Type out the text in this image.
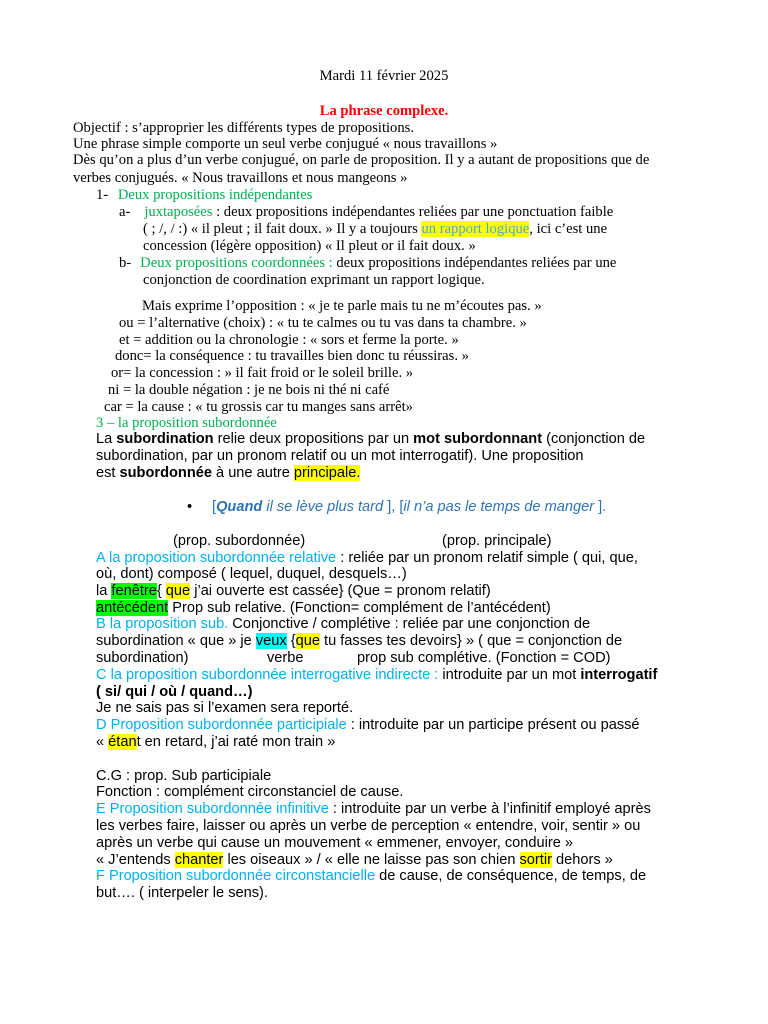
Mardi 11 février 2025
La phrase complexe.
Objectif : s’approprier les différents types de propositions.
Une phrase simple comporte un seul verbe conjugué « nous travaillons »
Dès qu’on a plus d’un verbe conjugué, on parle de proposition. Il y a autant de propositions que de
verbes conjugués. « Nous travaillons et nous mangeons »
1- Deux propositions indépendantes
a- juxtaposées : deux propositions indépendantes reliées par une ponctuation faible
( ; /, / :) « il pleut ; il fait doux. » Il y a toujours un rapport logique, ici c’est une
concession (légère opposition) « Il pleut or il fait doux. »
b- Deux propositions coordonnées : deux propositions indépendantes reliées par une
conjonction de coordination exprimant un rapport logique.
Mais exprime l’opposition : « je te parle mais tu ne m’écoutes pas. »
ou = l’alternative (choix) : « tu te calmes ou tu vas dans ta chambre. »
et = addition ou la chronologie : « sors et ferme la porte. »
donc= la conséquence : tu travailles bien donc tu réussiras. »
or= la concession : » il fait froid or le soleil brille. »
ni = la double négation : je ne bois ni thé ni café
car = la cause : « tu grossis car tu manges sans arrêt»
3 – la proposition subordonnée
La subordination relie deux propositions par un mot subordonnant (conjonction de
subordination, par un pronom relatif ou un mot interrogatif). Une proposition
est subordonnée à une autre principale.
• [Quand il se lève plus tard ], [il n’a pas le temps de manger ].
(prop. subordonnée)	(prop. principale)
A la proposition subordonnée relative : reliée par un pronom relatif simple ( qui, que,
où, dont) composé ( lequel, duquel, desquels…)
la fenêtre{ que j’ai ouverte est cassée} (Que = pronom relatif)
antécédent Prop sub relative. (Fonction= complément de l’antécédent)
B la proposition sub. Conjonctive / complétive : reliée par une conjonction de
subordination « que » je veux {que tu fasses tes devoirs} » ( que = conjonction de
subordination)	verbe	prop sub complétive. (Fonction = COD)
C la proposition subordonnée interrogative indirecte : introduite par un mot interrogatif
( si/ qui / où / quand…)
Je ne sais pas si l’examen sera reporté.
D Proposition subordonnée participiale : introduite par un participe présent ou passé
« étant en retard, j’ai raté mon train »
C.G : prop. Sub participiale
Fonction : complément circonstanciel de cause.
E Proposition subordonnée infinitive : introduite par un verbe à l’infinitif employé après
les verbes faire, laisser ou après un verbe de perception « entendre, voir, sentir » ou
après un verbe qui cause un mouvement « emmener, envoyer, conduire »
« J’entends chanter les oiseaux » / « elle ne laisse pas son chien sortir dehors »
F Proposition subordonnée circonstancielle de cause, de conséquence, de temps, de
but…. ( interpeler le sens).
